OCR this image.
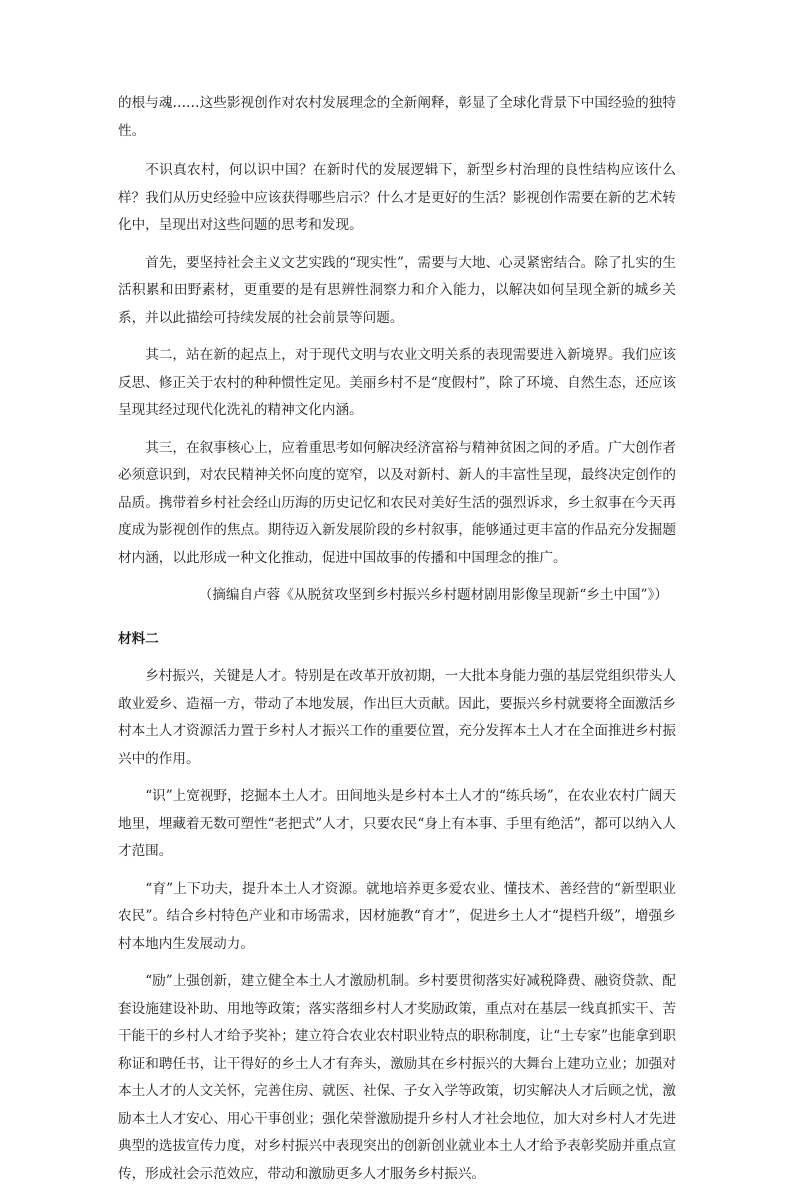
的根与魂……这些影视创作对农村发展理念的全新阐释，彰显了全球化背景下中国经验的独特性。

不识真农村，何以识中国？在新时代的发展逻辑下，新型乡村治理的良性结构应该什么样？我们从历史经验中应该获得哪些启示？什么才是更好的生活？影视创作需要在新的艺术转化中，呈现出对这些问题的思考和发现。

首先，要坚持社会主义文艺实践的“现实性”，需要与大地、心灵紧密结合。除了扎实的生活积累和田野素材，更重要的是有思辨性洞察力和介入能力，以解决如何呈现全新的城乡关系，并以此描绘可持续发展的社会前景等问题。

其二，站在新的起点上，对于现代文明与农业文明关系的表现需要进入新境界。我们应该反思、修正关于农村的种种惯性定见。美丽乡村不是“度假村”，除了环境、自然生态，还应该呈现其经过现代化洗礼的精神文化内涵。

其三，在叙事核心上，应着重思考如何解决经济富裕与精神贫困之间的矛盾。广大创作者必须意识到，对农民精神关怀向度的宽窄，以及对新村、新人的丰富性呈现，最终决定创作的品质。携带着乡村社会经山历海的历史记忆和农民对美好生活的强烈诉求，乡土叙事在今天再度成为影视创作的焦点。期待迈入新发展阶段的乡村叙事，能够通过更丰富的作品充分发掘题材内涵，以此形成一种文化推动，促进中国故事的传播和中国理念的推广。

（摘编自卢蓉《从脱贫攻坚到乡村振兴乡村题材剧用影像呈现新“乡土中国”》）

材料二

乡村振兴，关键是人才。特别是在改革开放初期，一大批本身能力强的基层党组织带头人敢业爱乡、造福一方，带动了本地发展，作出巨大贡献。因此，要振兴乡村就要将全面激活乡村本土人才资源活力置于乡村人才振兴工作的重要位置，充分发挥本土人才在全面推进乡村振兴中的作用。

“识”上宽视野，挖掘本土人才。田间地头是乡村本土人才的“练兵场”，在农业农村广阔天地里，埋藏着无数可塑性“老把式”人才，只要农民“身上有本事、手里有绝活”，都可以纳入人才范围。

“育”上下功夫，提升本土人才资源。就地培养更多爱农业、懂技术、善经营的“新型职业农民”。结合乡村特色产业和市场需求，因材施教“育才”，促进乡土人才“提档升级”，增强乡村本地内生发展动力。

“励”上强创新，建立健全本土人才激励机制。乡村要贯彻落实好减税降费、融资贷款、配套设施建设补助、用地等政策；落实落细乡村人才奖励政策，重点对在基层一线真抓实干、苦干能干的乡村人才给予奖补；建立符合农业农村职业特点的职称制度，让“土专家”也能拿到职称证和聘任书，让干得好的乡土人才有奔头，激励其在乡村振兴的大舞台上建功立业；加强对本土人才的人文关怀，完善住房、就医、社保、子女入学等政策，切实解决人才后顾之忧，激励本土人才安心、用心干事创业；强化荣誉激励提升乡村人才社会地位，加大对乡村人才先进典型的选拔宣传力度，对乡村振兴中表现突出的创新创业就业本土人才给予表彰奖励并重点宣传，形成社会示范效应，带动和激励更多人才服务乡村振兴。
